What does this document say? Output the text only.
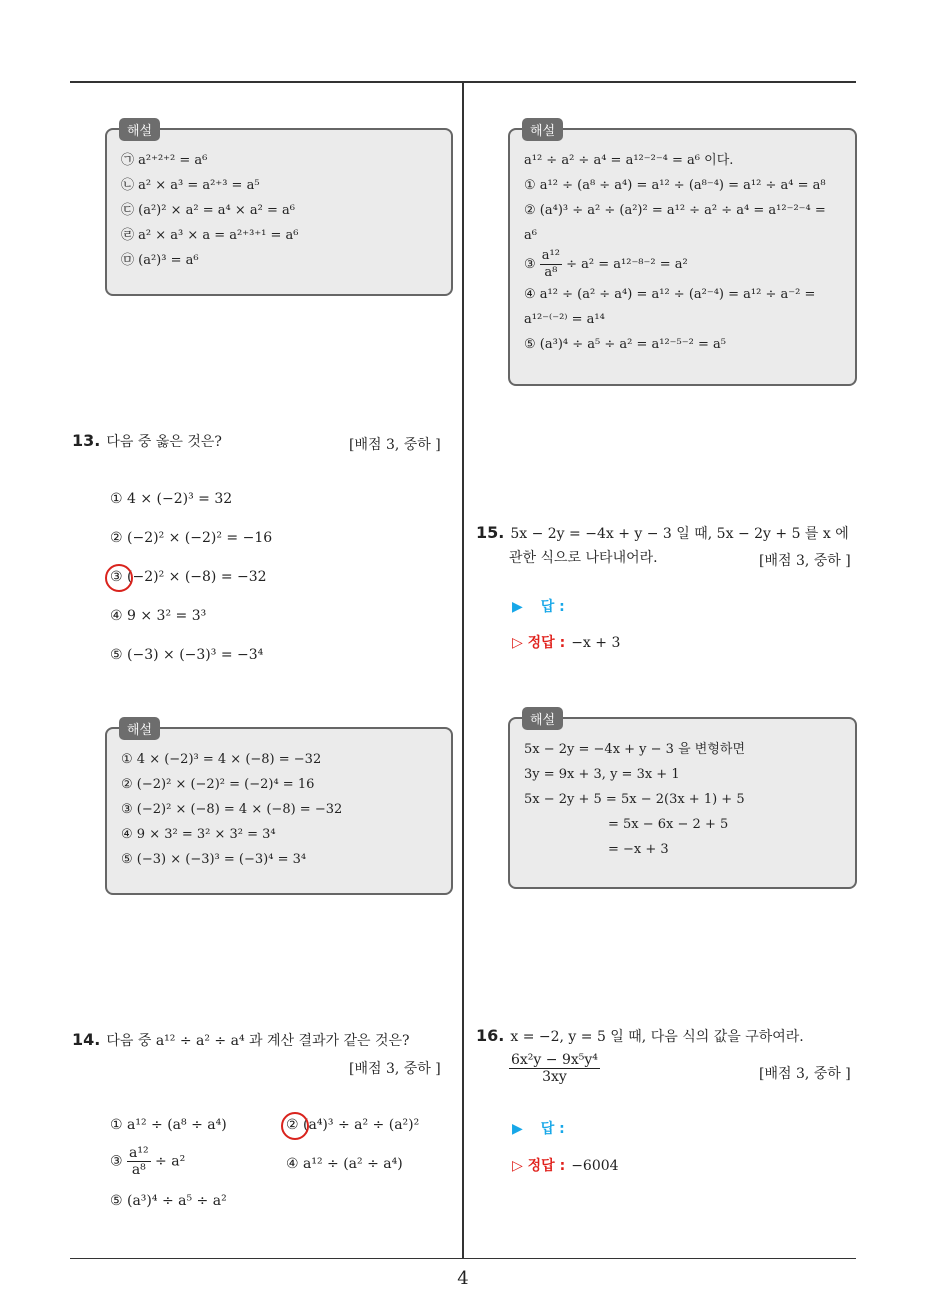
해설
㉠ a²⁺²⁺² = a⁶
㉡ a² × a³ = a²⁺³ = a⁵
㉢ (a²)² × a² = a⁴ × a² = a⁶
㉣ a² × a³ × a = a²⁺³⁺¹ = a⁶
㉤ (a²)³ = a⁶
13. 다음 중 옳은 것은?	[배점 3, 중하 ]
① 4 × (−2)³ = 32
② (−2)² × (−2)² = −16
③ (−2)² × (−8) = −32
④ 9 × 3² = 3³
⑤ (−3) × (−3)³ = −3⁴
해설
① 4 × (−2)³ = 4 × (−8) = −32
② (−2)² × (−2)² = (−2)⁴ = 16
③ (−2)² × (−8) = 4 × (−8) = −32
④ 9 × 3² = 3² × 3² = 3⁴
⑤ (−3) × (−3)³ = (−3)⁴ = 3⁴
14. 다음 중 a¹² ÷ a² ÷ a⁴ 과 계산 결과가 같은 것은?
[배점 3, 중하 ]
① a¹² ÷ (a⁸ ÷ a⁴)	② (a⁴)³ ÷ a² ÷ (a²)²
③ $\frac{\text{a¹²}}{\text{a⁸}} \div a^2$	④ a¹² ÷ (a² ÷ a⁴)
⑤ (a³)⁴ ÷ a⁵ ÷ a²
해설
a¹² ÷ a² ÷ a⁴ = a¹²⁻²⁻⁴ = a⁶ 이다.
① a¹² ÷ (a⁸ ÷ a⁴) = a¹² ÷ (a⁸⁻⁴) = a¹² ÷ a⁴ = a⁸
② (a⁴)³ ÷ a² ÷ (a²)² = a¹² ÷ a² ÷ a⁴ = a¹²⁻²⁻⁴ =
a⁶
③ $\frac{\text{a¹²}}{\text{a⁸}} \div a^2 = a^{12-8-2} = a^2$
④ a¹² ÷ (a² ÷ a⁴) = a¹² ÷ (a²⁻⁴) = a¹² ÷ a⁻² =
a¹²⁻⁽⁻²⁾ = a¹⁴
⑤ (a³)⁴ ÷ a⁵ ÷ a² = a¹²⁻⁵⁻² = a⁵
15. 5x − 2y = −4x + y − 3 일 때, 5x − 2y + 5 를 x 에
관한 식으로 나타내어라.	[배점 3, 중하 ]
▶ 답 :
▷ 정답 : −x + 3
해설
5x − 2y = −4x + y − 3 을 변형하면
3y = 9x + 3, y = 3x + 1
5x − 2y + 5 = 5x − 2(3x + 1) + 5
= 5x − 6x − 2 + 5
= −x + 3
16. x = −2, y = 5 일 때, 다음 식의 값을 구하여라.
$\frac{\text{6x²y − 9x⁵y⁴}}{3xy}$	[배점 3, 중하 ]
▶ 답 :
▷ 정답 : −6004
4
